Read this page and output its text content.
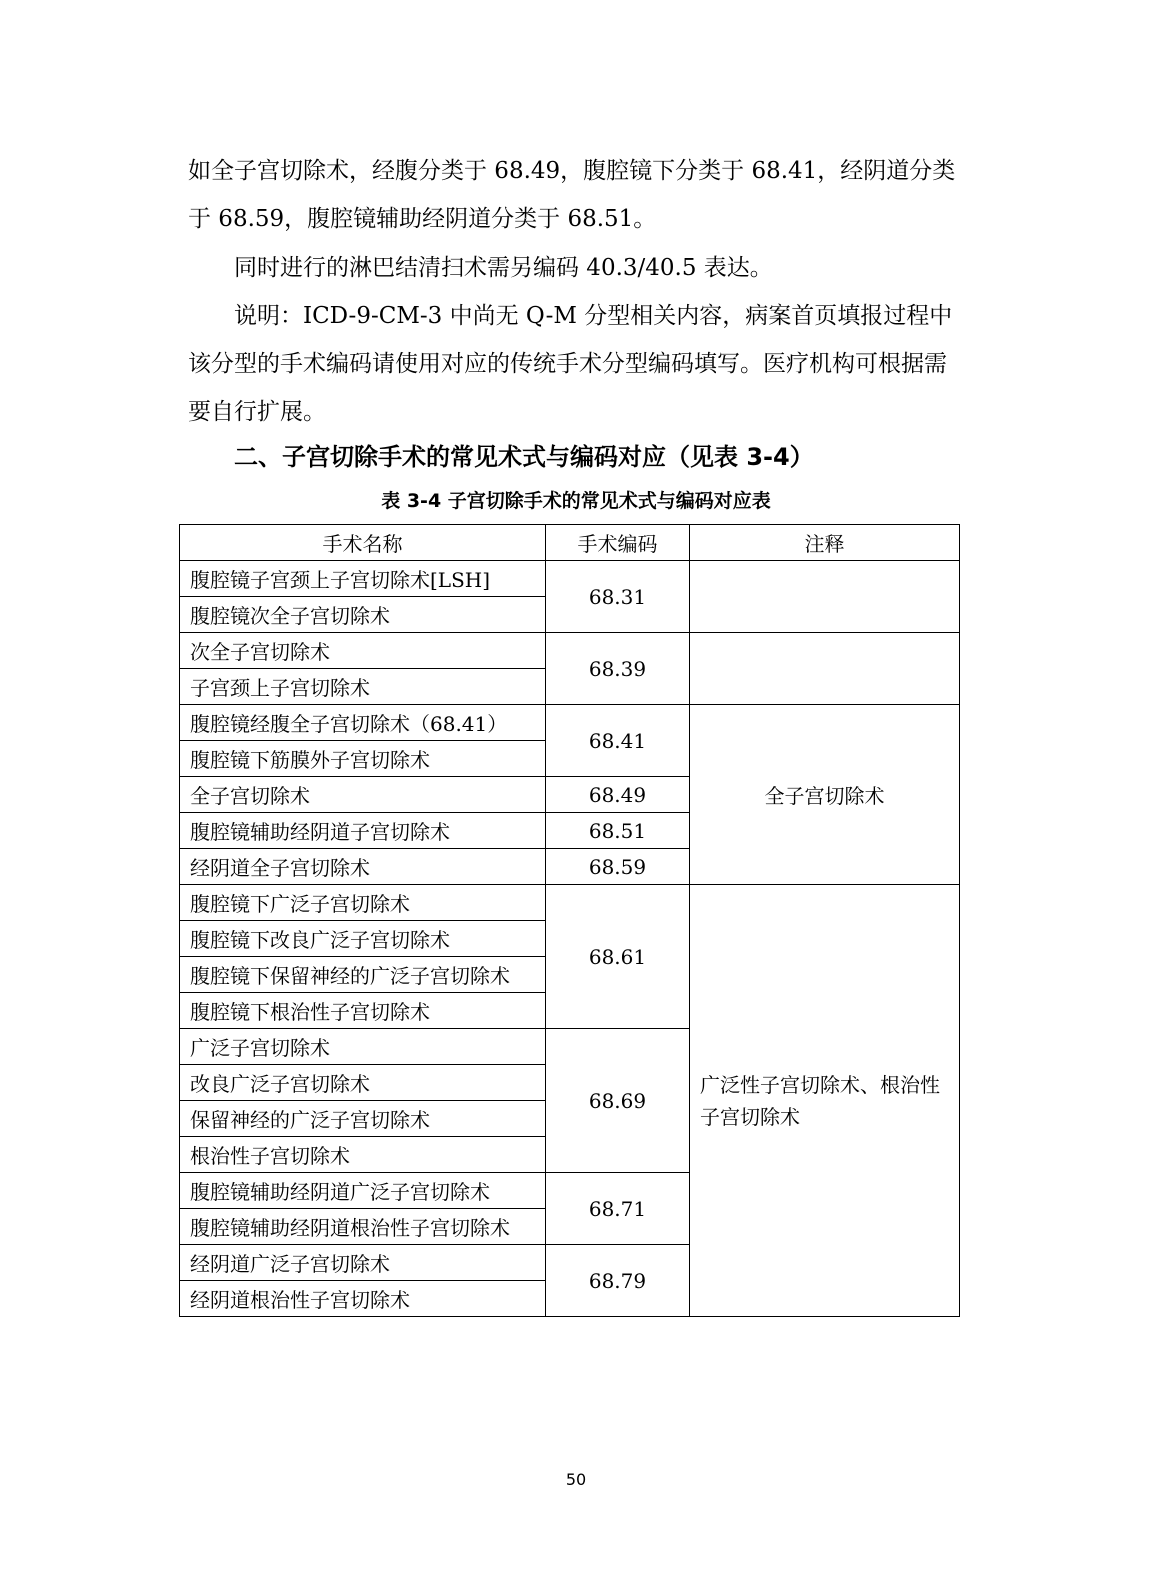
如全子宫切除术，经腹分类于 68.49，腹腔镜下分类于 68.41，经阴道分类于 68.59，腹腔镜辅助经阴道分类于 68.51。

同时进行的淋巴结清扫术需另编码 40.3/40.5 表达。

说明：ICD-9-CM-3 中尚无 Q-M 分型相关内容，病案首页填报过程中该分型的手术编码请使用对应的传统手术分型编码填写。医疗机构可根据需要自行扩展。

二、子宫切除手术的常见术式与编码对应（见表 3-4）
表 3-4 子宫切除手术的常见术式与编码对应表
手术名称	手术编码	注释
腹腔镜子宫颈上子宫切除术[LSH]	68.31	
腹腔镜次全子宫切除术		
次全子宫切除术	68.39	
子宫颈上子宫切除术		
腹腔镜经腹全子宫切除术（68.41）	68.41	全子宫切除术
腹腔镜下筋膜外子宫切除术		
全子宫切除术	68.49	
腹腔镜辅助经阴道子宫切除术	68.51	
经阴道全子宫切除术	68.59	
腹腔镜下广泛子宫切除术	68.61	广泛性子宫切除术、根治性子宫切除术
腹腔镜下改良广泛子宫切除术		
腹腔镜下保留神经的广泛子宫切除术		
腹腔镜下根治性子宫切除术		
广泛子宫切除术	68.69	
改良广泛子宫切除术		
保留神经的广泛子宫切除术		
根治性子宫切除术		
腹腔镜辅助经阴道广泛子宫切除术	68.71	
腹腔镜辅助经阴道根治性子宫切除术		
经阴道广泛子宫切除术	68.79	
经阴道根治性子宫切除术		
50
